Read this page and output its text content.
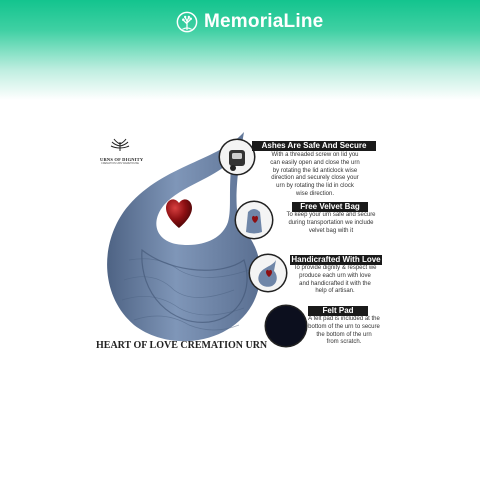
MemoriaLine
URNS OF DIGNITY
CREMATION URN WAREHOUSE
HEART OF LOVE CREMATION URN
Ashes Are Safe And Secure
With a threaded screw on lid you
can easily open and close the urn
by rotating the lid anticlock wise
direction and securely close your
urn by rotating the lid in clock
wise direction.
Free Velvet Bag
To keep your urn safe and secure
during transportation we include
velvet bag with it
Handicrafted With Love
To provide dignity & respect we
produce each urn with love
and handicrafted it with the
help of artisan.
Felt Pad
A felt pad is included at the
bottom of the urn to secure
the bottom of the urn
from scratch.
